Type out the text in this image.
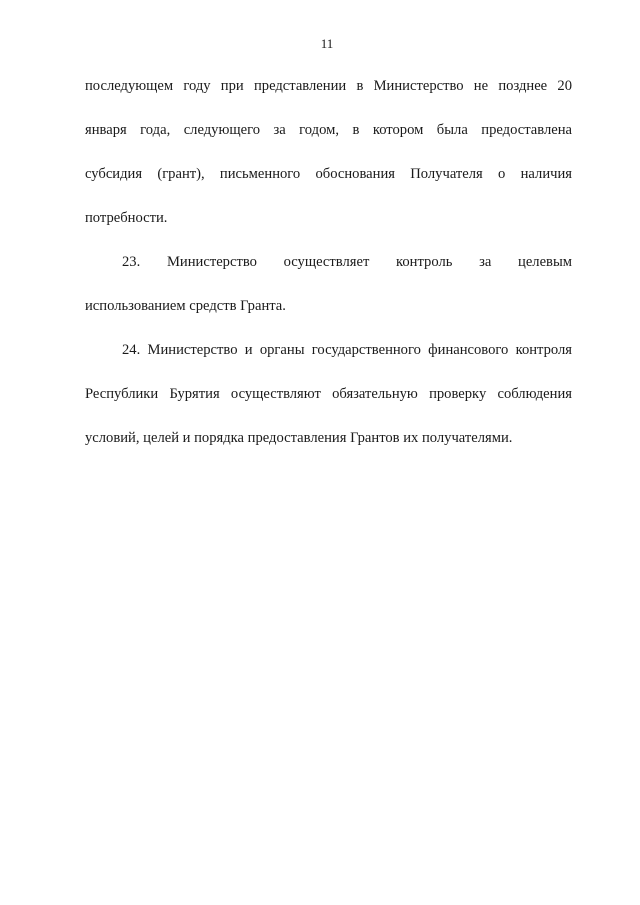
11
последующем году при представлении в Министерство не позднее 20
января года, следующего за годом, в котором была предоставлена
субсидия (грант), письменного обоснования Получателя о наличия
потребности.
23. Министерство осуществляет контроль за целевым
использованием средств Гранта.
24. Министерство и органы государственного финансового контроля
Республики Бурятия осуществляют обязательную проверку соблюдения
условий, целей и порядка предоставления Грантов их получателями.
